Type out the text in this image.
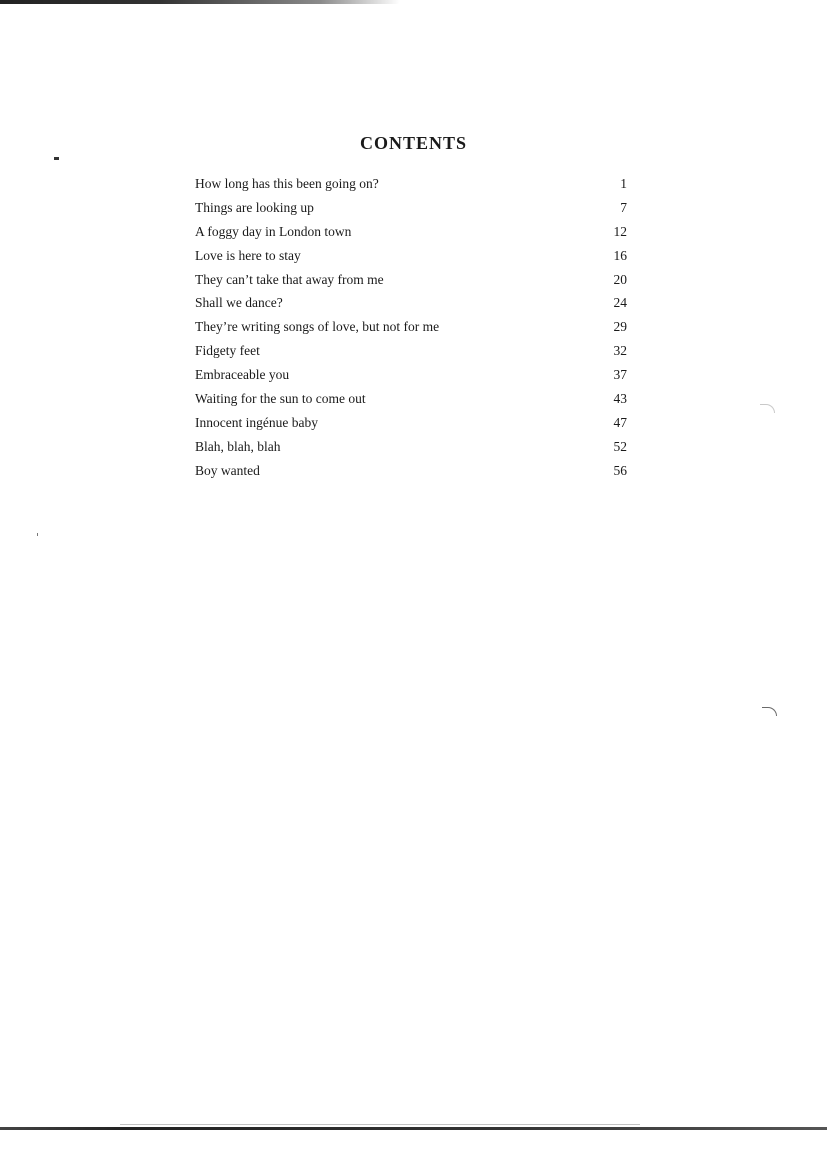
CONTENTS
How long has this been going on?	1
Things are looking up	7
A foggy day in London town	12
Love is here to stay	16
They can’t take that away from me	20
Shall we dance?	24
They’re writing songs of love, but not for me	29
Fidgety feet	32
Embraceable you	37
Waiting for the sun to come out	43
Innocent ingénue baby	47
Blah, blah, blah	52
Boy wanted	56
